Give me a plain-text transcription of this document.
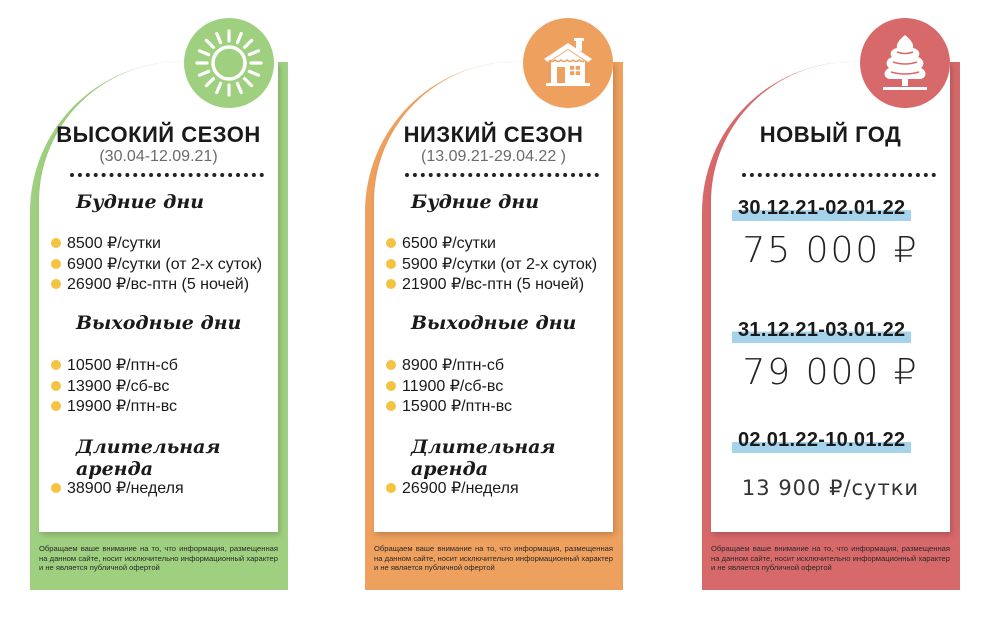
ВЫСОКИЙ СЕЗОН
(30.04-12.09.21)
Будние дни
8500 ₽/сутки
6900 ₽/сутки (от 2-х суток)
26900 ₽/вс-птн (5 ночей)
Выходные дни
10500 ₽/птн-сб
13900 ₽/сб-вс
19900 ₽/птн-вс
Длительная аренда
38900 ₽/неделя
Обращаем ваше внимание на то, что информация, размещенная на данном сайте, носит исключительно информационный характер и не является публичной офертой
НИЗКИЙ СЕЗОН
(13.09.21-29.04.22 )
Будние дни
6500 ₽/сутки
5900 ₽/сутки (от 2-х суток)
21900 ₽/вс-птн (5 ночей)
Выходные дни
8900 ₽/птн-сб
11900 ₽/сб-вс
15900 ₽/птн-вс
Длительная аренда
26900 ₽/неделя
Обращаем ваше внимание на то, что информация, размещенная на данном сайте, носит исключительно информационный характер и не является публичной офертой
НОВЫЙ ГОД
30.12.21-02.01.22
75 000 ₽
31.12.21-03.01.22
79 000 ₽
02.01.22-10.01.22
13 900 ₽/сутки
Обращаем ваше внимание на то, что информация, размещенная на данном сайте, носит исключительно информационный характер и не является публичной офертой
